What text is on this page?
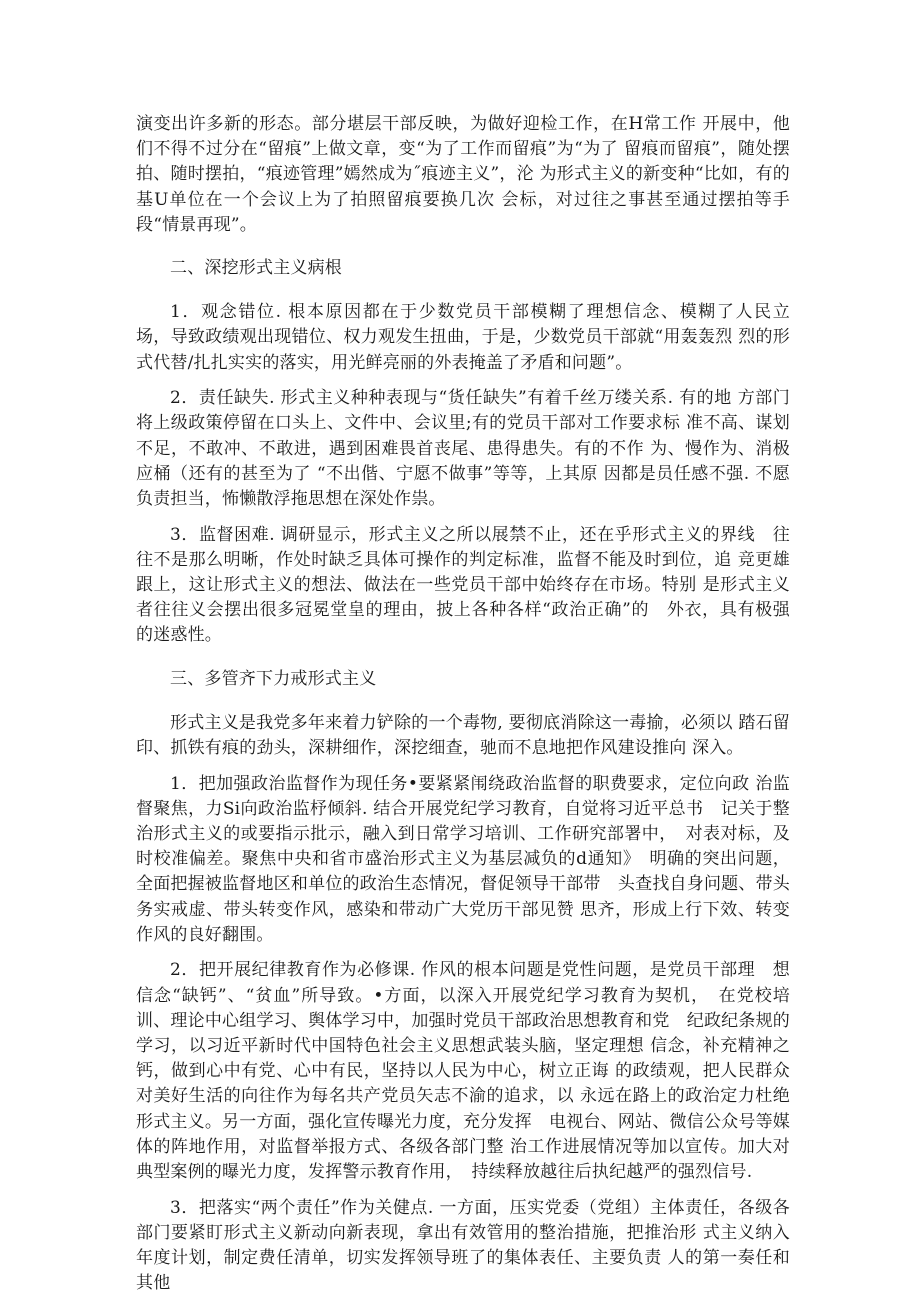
演变出许多新的形态。部分堪层干部反映，为做好迎检工作，在H常工作 开展中，他们不得不过分在“留痕”上做文章，变“为了工作而留痕”为“为了 留痕而留痕”，随处摆拍、随时摆拍，“痕迹管理”嫣然成为˝痕迹主义”，沦 为形式主义的新变种“比如，有的基U单位在一个会议上为了拍照留痕要换几次 会标，对过往之事甚至通过摆拍等手段“情景再现”。

二、深挖形式主义病根

1．观念错位. 根本原因都在于少数党员干部模糊了理想信念、模糊了人民立　场，导致政绩观出现错位、权力观发生扭曲，于是，少数党员干部就“用轰轰烈 烈的形式代替/扎扎实实的落实，用光鲜亮丽的外表掩盖了矛盾和问题”。

2．责任缺失. 形式主义种种表现与“货任缺失”有着千丝万缕关系. 有的地 方部门将上级政策停留在口头上、文件中、会议里;有的党员干部对工作要求标 准不高、谋划不足，不敢冲、不敢进，遇到困难畏首丧尾、患得患失。有的不作 为、慢作为、消极应桶（还有的甚至为了 “不出偕、宁愿不做事”等等，上其原 因都是员任感不强. 不愿负责担当，怖懒散浮拖思想在深处作祟。

3．监督困难. 调研显示，形式主义之所以展禁不止，还在乎形式主义的界线　往往不是那么明晰，作处时缺乏具体可操作的判定标准，监督不能及时到位，追 竞更雄跟上，这让形式主义的想法、做法在一些党员干部中始终存在市场。特别 是形式主义者往往义会摆出很多冠冕堂皇的理由，披上各种各样“政治正确”的　外衣，具有极强的迷惑性。

三、多管齐下力戒形式主义

形式主义是我党多年来着力铲除的一个毒物, 要彻底消除这一毒揄，必须以 踏石留印、抓铁有痕的劲头，深耕细作，深挖细查，驰而不息地把作风建设推向 深入。

1．把加强政治监督作为现任务•要紧紧闱绕政治监督的职费要求，定位向政 治监督聚焦，力Si向政治监杼倾斜. 结合开展党纪学习教育，自觉将习近平总书　记关于整治形式主义的或要指示批示，融入到日常学习培训、工作研究部署中，　对表对标，及时校准偏差。聚焦中央和省市盛治形式主义为基层减负的d通知》　明确的突出问题，全面把握被监督地区和单位的政治生态情况，督促领导干部带　头查找自身问题、带头务实戒虚、带头转变作风，感染和带动广大党历干部见赞 思齐，形成上行下效、转变作风的良好翻围。

2．把开展纪律教育作为必修课. 作风的根本问题是党性问题，是党员干部理　想信念“缺钙”、“贫血”所导致。•方面，以深入开展党纪学习教育为契机，　在党校培训、理论中心组学习、舆体学习中，加强时党员干部政治思想教育和党　纪政纪条规的学习，以习近平新时代中国特色社会主义思想武装头脑，坚定理想 信念，补充精神之钙，做到心中有党、心中有民，坚持以人民为中心，树立正诲 的政绩观，把人民群众对美好生活的向往作为每名共产党员矢志不渝的追求，以 永远在路上的政治定力杜绝形式主义。另一方面，强化宣传曝光力度，充分发挥　电视台、网站、微信公众号等媒体的阵地作用，对监督举报方式、各级各部门整 治工作进展情况等加以宣传。加大对典型案例的曝光力度，发挥警示教育作用，　持续释放越往后执纪越严的强烈信号.

3．把落实“两个责任”作为关健点. 一方面，压实党委（党组）主体责任，各级各部门要紧盯形式主义新动向新表现，拿出有效管用的整治措施，把推治形 式主义纳入年度计划，制定费任清单，切实发挥领导班了的集体表任、主要负责 人的第一奏任和其他
